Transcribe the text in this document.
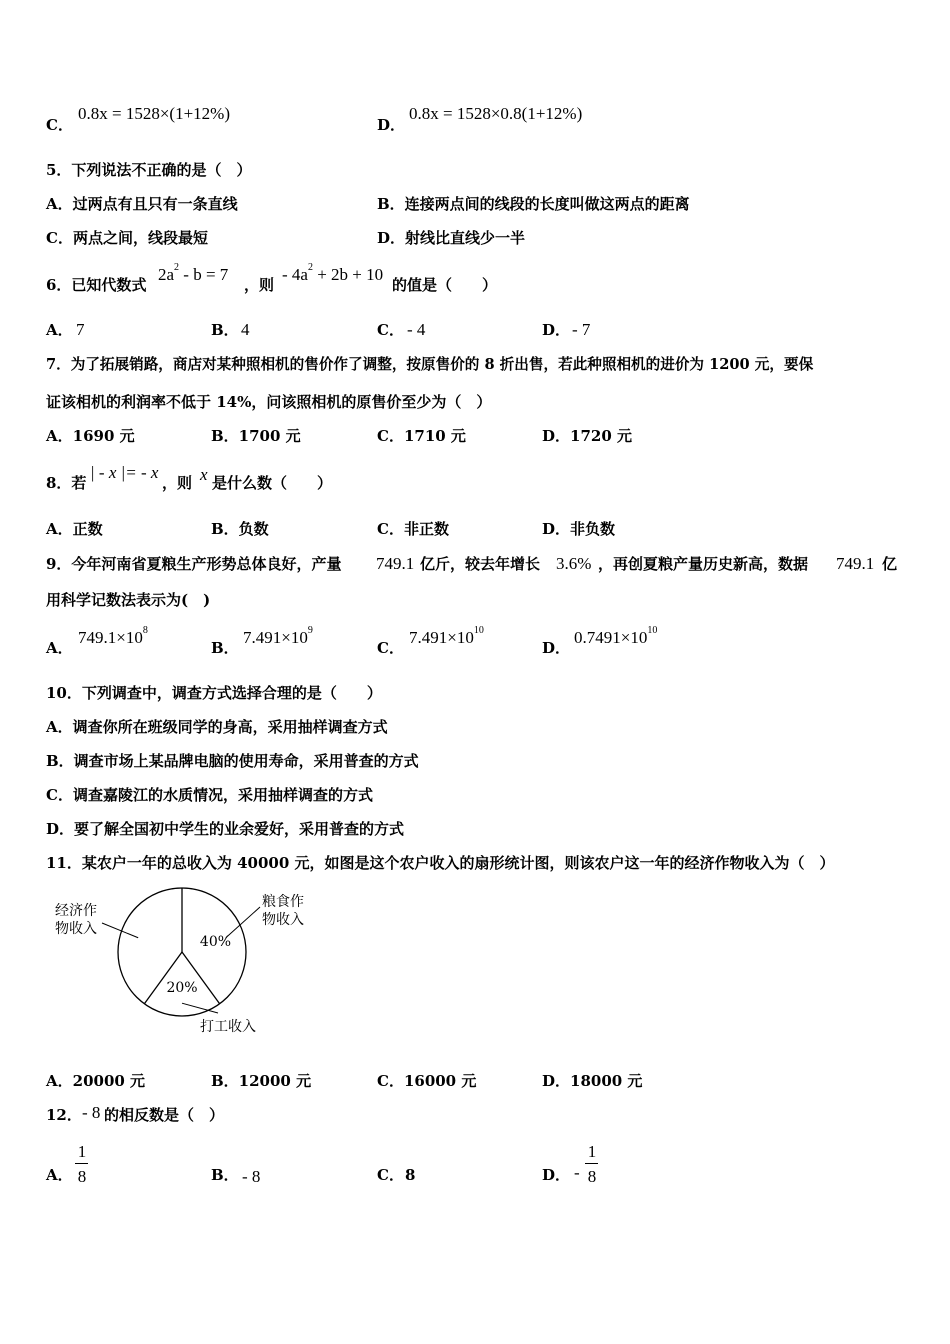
C．
0.8x = 1528×(1+12%)
D．
0.8x = 1528×0.8(1+12%)
5．下列说法不正确的是（　）
A．过两点有且只有一条直线	B．连接两点间的线段的长度叫做这两点的距离
C．两点之间，线段最短	D．射线比直线少一半
6．已知代数式
$2a^2 - b = 7$
，则
- $4a^2 + 2b + 10$
的值是（　　）
A． 7	B． 4	C． - 4	D． - 7
7．为了拓展销路，商店对某种照相机的售价作了调整，按原售价的 8 折出售，若此种照相机的进价为 1200 元，要保
证该相机的利润率不低于 14%，问该照相机的原售价至少为（　）
A．1690 元	B．1700 元	C．1710 元	D．1720 元
8．若
| - x |= - x
，则 x 是什么数（　　）
A．正数	B．负数	C．非正数	D．非负数
9．今年河南省夏粮生产形势总体良好，产量 749.1 亿斤，较去年增长 3.6% ，再创夏粮产量历史新高，数据 749.1 亿
用科学记数法表示为(　)
A．
$749.1\times 10^8$
B．
$7.491\times 10^9$
C．
$7.491\times 10^{10}$
D．
$0.7491\times 10^{10}$
10．下列调查中，调查方式选择合理的是（　　）
A．调查你所在班级同学的身高，采用抽样调查方式
B．调查市场上某品牌电脑的使用寿命，采用普查的方式
C．调查嘉陵江的水质情况，采用抽样调查的方式
D．要了解全国初中学生的业余爱好，采用普查的方式
11．某农户一年的总收入为 40000 元，如图是这个农户收入的扇形统计图，则该农户这一年的经济作物收入为（　）
40%
20%
粮食作
物收入
打工收入
经济作
物收入
A．20000 元	B．12000 元	C．16000 元	D．18000 元
12． - 8 的相反数是（　）
A．
1
8	B． - 8	C． 8	D． -
1
8
